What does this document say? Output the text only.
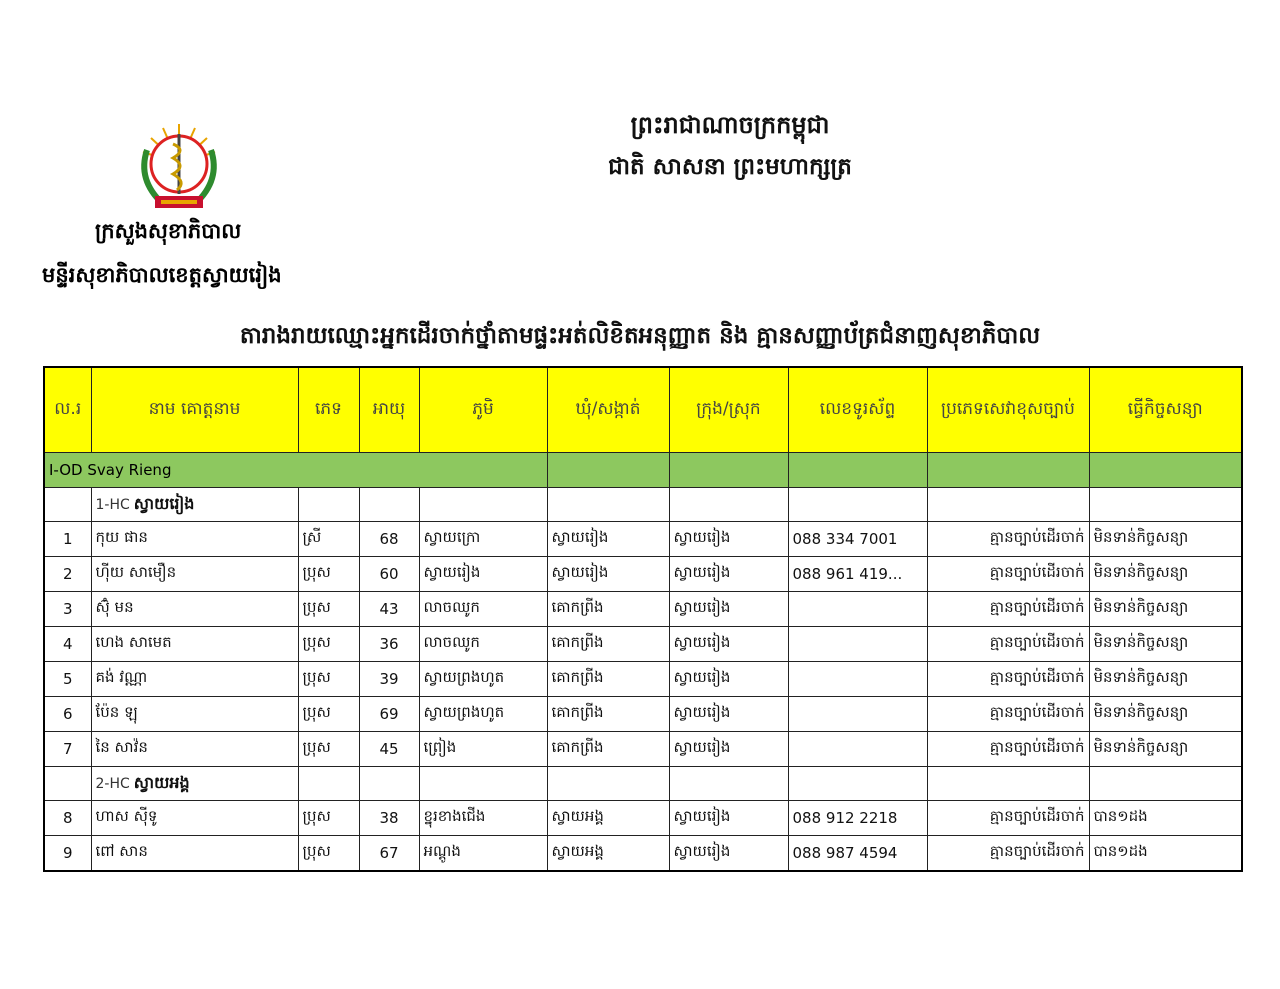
ក្រសួងសុខាភិបាល
មន្ទីរសុខាភិបាលខេត្តស្វាយរៀង
ព្រះរាជាណាចក្រកម្ពុជា
ជាតិ សាសនា ព្រះមហាក្សត្រ
តារាងរាយឈ្មោះអ្នកដើរចាក់ថ្នាំតាមផ្ទះអត់លិខិតអនុញ្ញាត និង គ្មានសញ្ញាប័ត្រជំនាញសុខាភិបាល
ល.រ	នាម គោត្តនាម	ភេទ	អាយុ	ភូមិ	ឃុំ/សង្កាត់	ក្រុង/ស្រុក	លេខទូរស័ព្ទ	ប្រភេទសេវាខុសច្បាប់	ធ្វើកិច្ចសន្យា
I-OD Svay Rieng									
	1-HC ស្វាយរៀង								
1	កុយ ផាន	ស្រី	68	ស្វាយក្រោ	ស្វាយរៀង	ស្វាយរៀង	088 334 7001	គ្មានច្បាប់ដើរចាក់	មិនទាន់កិច្ចសន្យា
2	ហ៊ីយ សាមឿន	ប្រុស	60	ស្វាយរៀង	ស្វាយរៀង	ស្វាយរៀង	088 961 419...	គ្មានច្បាប់ដើរចាក់	មិនទាន់កិច្ចសន្យា
3	ស៊ុំ មន	ប្រុស	43	លាចឈូក	គោកព្រីង	ស្វាយរៀង		គ្មានច្បាប់ដើរចាក់	មិនទាន់កិច្ចសន្យា
4	ហេង សាមេត	ប្រុស	36	លាចឈូក	គោកព្រីង	ស្វាយរៀង		គ្មានច្បាប់ដើរចាក់	មិនទាន់កិច្ចសន្យា
5	គង់ វណ្ណា	ប្រុស	39	ស្វាយព្រងហូត	គោកព្រីង	ស្វាយរៀង		គ្មានច្បាប់ដើរចាក់	មិនទាន់កិច្ចសន្យា
6	ប៉ែន ឡុ	ប្រុស	69	ស្វាយព្រងហូត	គោកព្រីង	ស្វាយរៀង		គ្មានច្បាប់ដើរចាក់	មិនទាន់កិច្ចសន្យា
7	នៃ សាវ៉ន	ប្រុស	45	ព្រៀង	គោកព្រីង	ស្វាយរៀង		គ្មានច្បាប់ដើរចាក់	មិនទាន់កិច្ចសន្យា
	2-HC ស្វាយអង្គ								
8	ហាស ស៊ីទូ	ប្រុស	38	ខ្នុរខាងជើង	ស្វាយអង្គ	ស្វាយរៀង	088 912 2218	គ្មានច្បាប់ដើរចាក់	បាន១ដង
9	ពៅ សាន	ប្រុស	67	អណ្តូង	ស្វាយអង្គ	ស្វាយរៀង	088 987 4594	គ្មានច្បាប់ដើរចាក់	បាន១ដង
